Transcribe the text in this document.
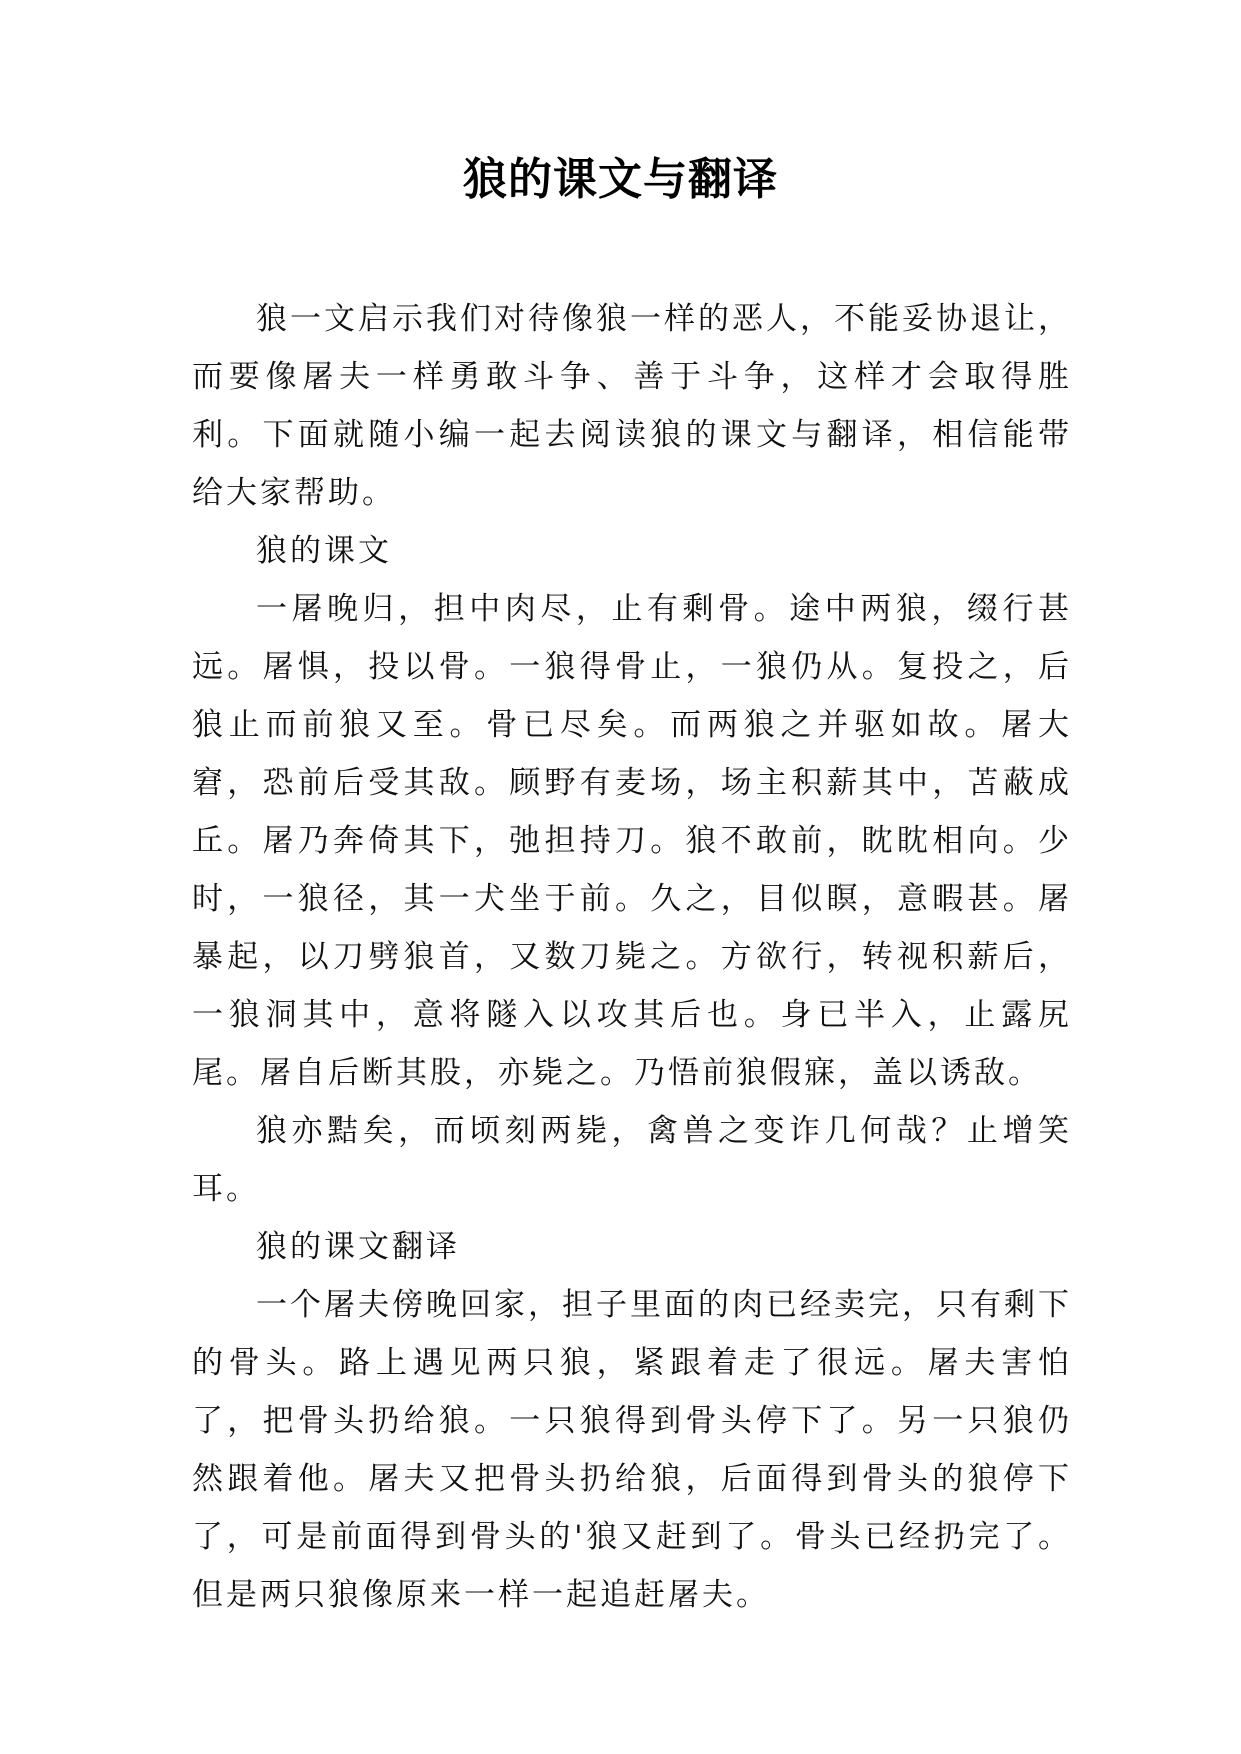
狼的课文与翻译

狼一文启示我们对待像狼一样的恶人，不能妥协退让，而要像屠夫一样勇敢斗争、善于斗争，这样才会取得胜利。下面就随小编一起去阅读狼的课文与翻译，相信能带给大家帮助。

狼的课文

一屠晚归，担中肉尽，止有剩骨。途中两狼，缀行甚远。屠惧，投以骨。一狼得骨止，一狼仍从。复投之，后狼止而前狼又至。骨已尽矣。而两狼之并驱如故。屠大窘，恐前后受其敌。顾野有麦场，场主积薪其中，苫蔽成丘。屠乃奔倚其下，弛担持刀。狼不敢前，眈眈相向。少时，一狼径，其一犬坐于前。久之，目似瞑，意暇甚。屠暴起，以刀劈狼首，又数刀毙之。方欲行，转视积薪后，一狼洞其中，意将隧入以攻其后也。身已半入，止露尻尾。屠自后断其股，亦毙之。乃悟前狼假寐，盖以诱敌。

狼亦黠矣，而顷刻两毙，禽兽之变诈几何哉？止增笑耳。

狼的课文翻译

一个屠夫傍晚回家，担子里面的肉已经卖完，只有剩下的骨头。路上遇见两只狼，紧跟着走了很远。屠夫害怕了，把骨头扔给狼。一只狼得到骨头停下了。另一只狼仍然跟着他。屠夫又把骨头扔给狼，后面得到骨头的狼停下了，可是前面得到骨头的'狼又赶到了。骨头已经扔完了。但是两只狼像原来一样一起追赶屠夫。
